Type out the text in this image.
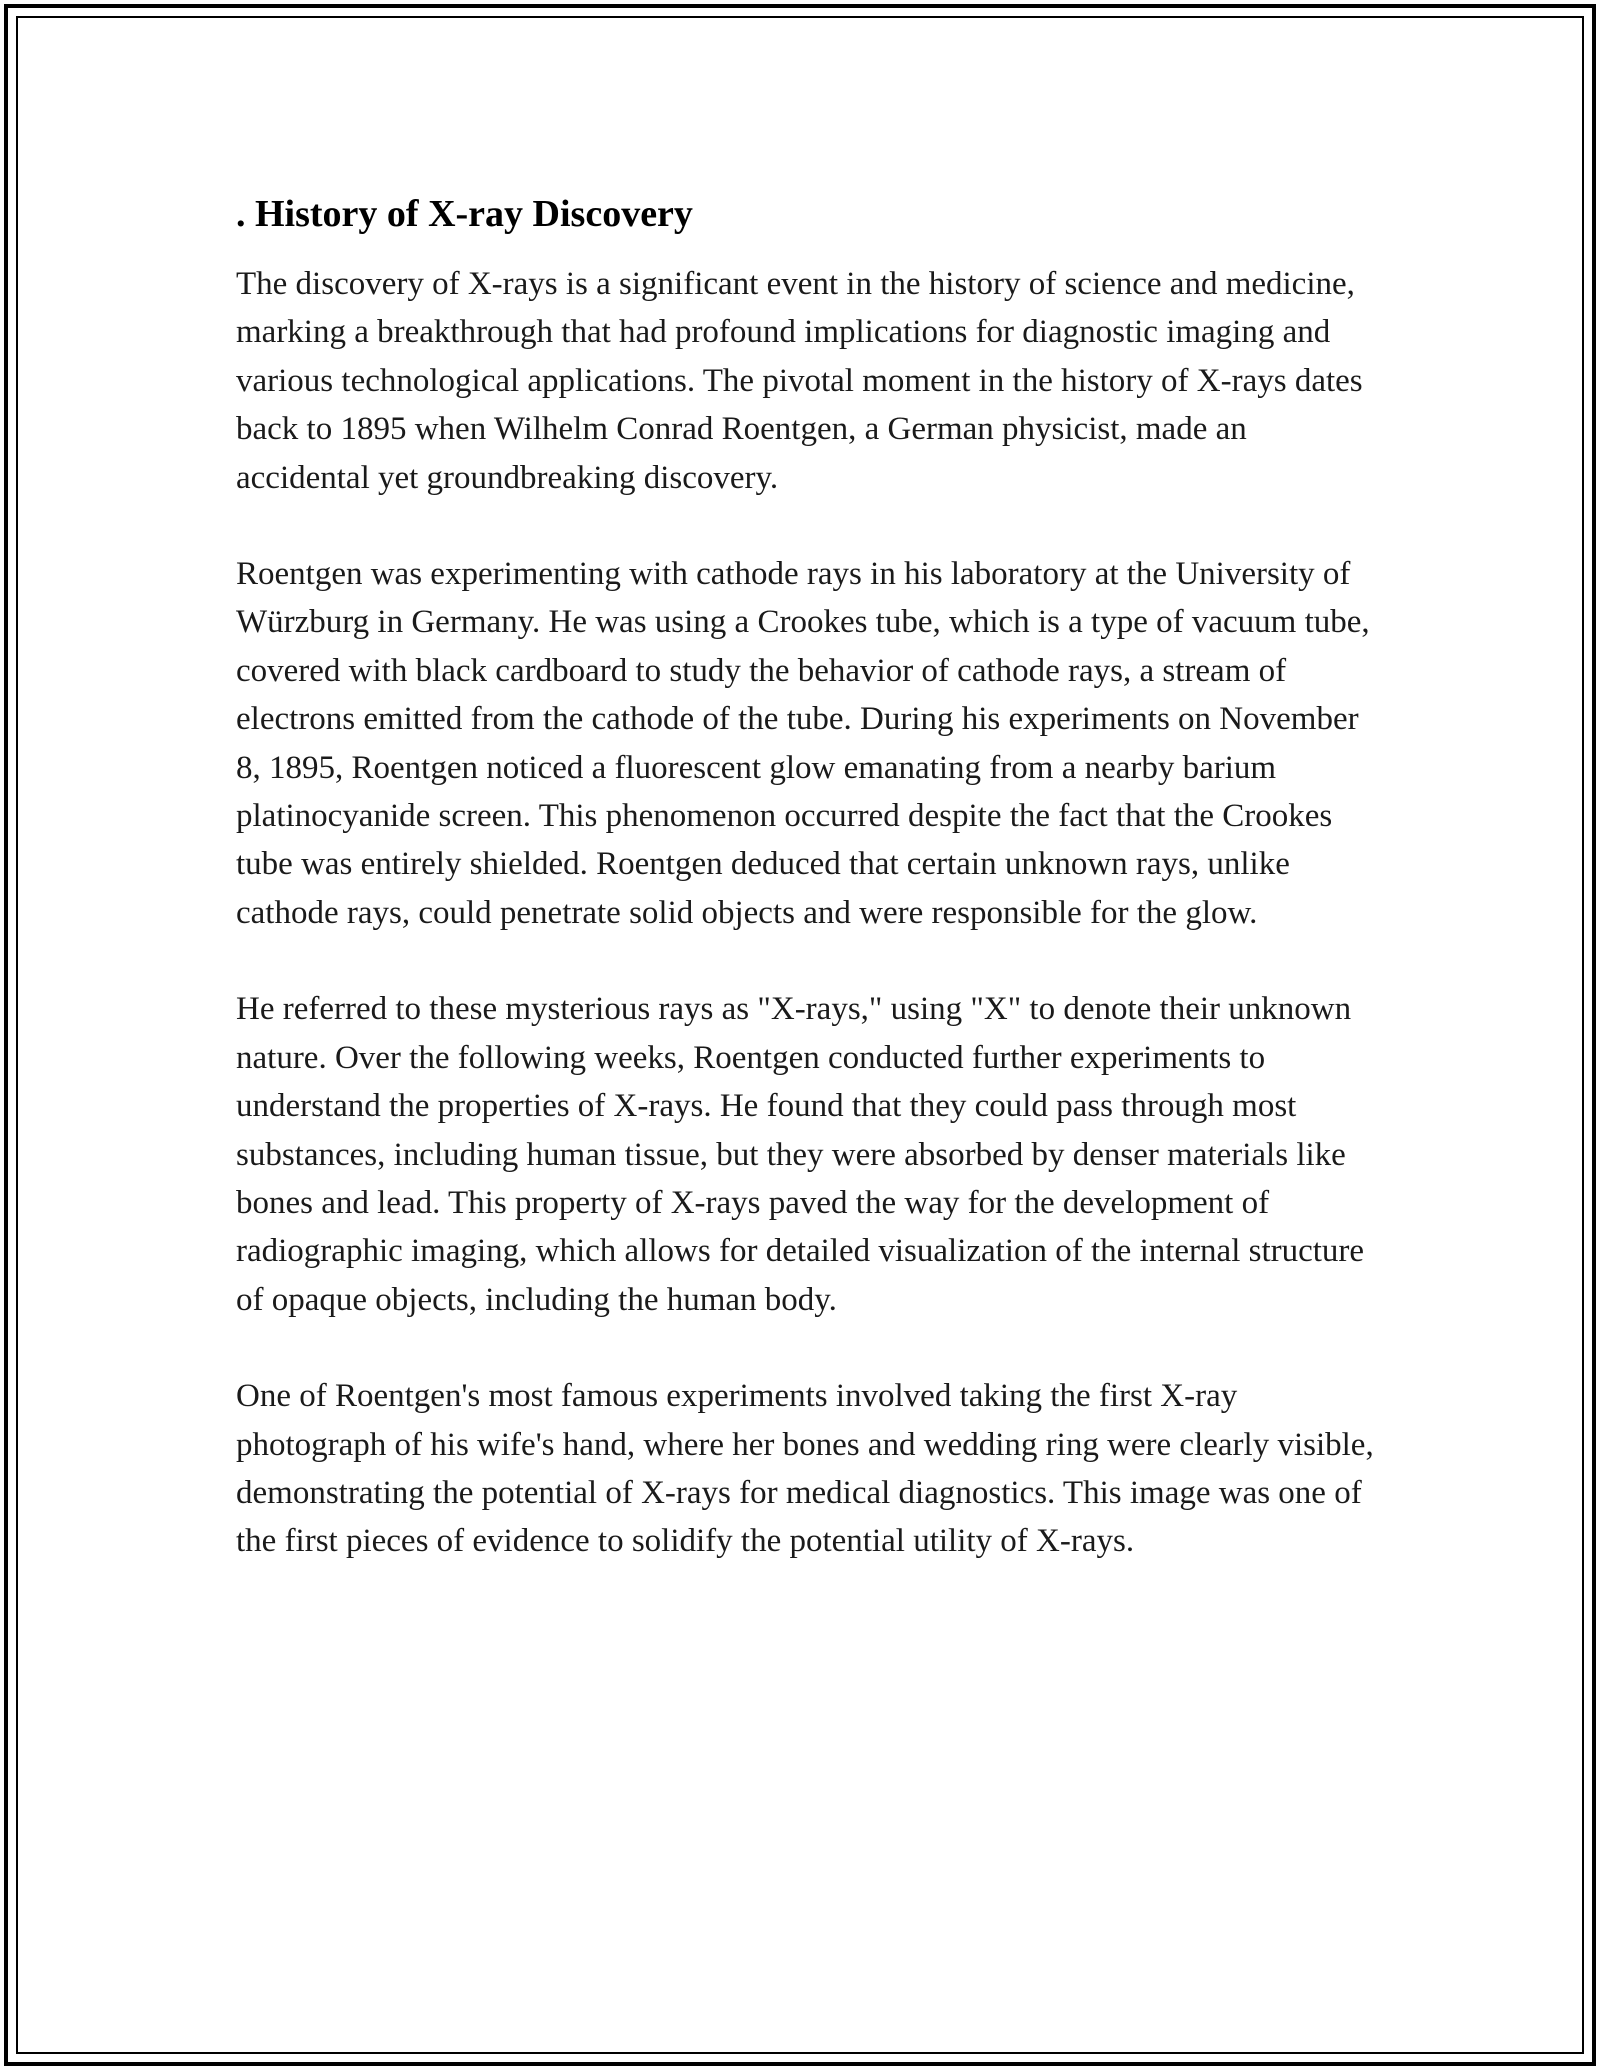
. History of X-ray Discovery

The discovery of X-rays is a significant event in the history of science and medicine, marking a breakthrough that had profound implications for diagnostic imaging and various technological applications. The pivotal moment in the history of X-rays dates back to 1895 when Wilhelm Conrad Roentgen, a German physicist, made an accidental yet groundbreaking discovery.

Roentgen was experimenting with cathode rays in his laboratory at the University of Würzburg in Germany. He was using a Crookes tube, which is a type of vacuum tube, covered with black cardboard to study the behavior of cathode rays, a stream of electrons emitted from the cathode of the tube. During his experiments on November 8, 1895, Roentgen noticed a fluorescent glow emanating from a nearby barium platinocyanide screen. This phenomenon occurred despite the fact that the Crookes tube was entirely shielded. Roentgen deduced that certain unknown rays, unlike cathode rays, could penetrate solid objects and were responsible for the glow.

He referred to these mysterious rays as "X-rays," using "X" to denote their unknown nature. Over the following weeks, Roentgen conducted further experiments to understand the properties of X-rays. He found that they could pass through most substances, including human tissue, but they were absorbed by denser materials like bones and lead. This property of X-rays paved the way for the development of radiographic imaging, which allows for detailed visualization of the internal structure of opaque objects, including the human body.

One of Roentgen's most famous experiments involved taking the first X-ray photograph of his wife's hand, where her bones and wedding ring were clearly visible, demonstrating the potential of X-rays for medical diagnostics. This image was one of the first pieces of evidence to solidify the potential utility of X-rays.
